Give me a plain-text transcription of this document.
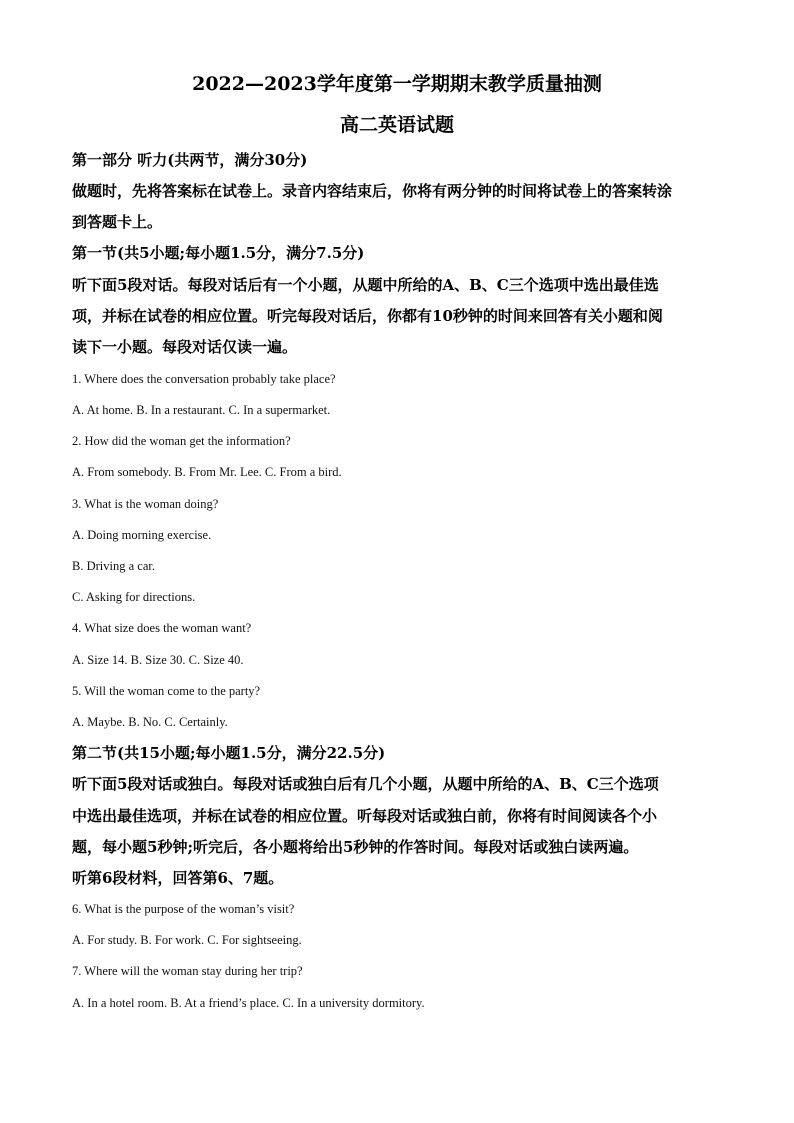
2022—2023学年度第一学期期末教学质量抽测
高二英语试题
第一部分 听力(共两节，满分30分)
做题时，先将答案标在试卷上。录音内容结束后，你将有两分钟的时间将试卷上的答案转涂
到答题卡上。
第一节(共5小题;每小题1.5分，满分7.5分)
听下面5段对话。每段对话后有一个小题，从题中所给的A、B、C三个选项中选出最佳选
项，并标在试卷的相应位置。听完每段对话后，你都有10秒钟的时间来回答有关小题和阅
读下一小题。每段对话仅读一遍。
1. Where does the conversation probably take place?
A. At home. B. In a restaurant. C. In a supermarket.
2. How did the woman get the information?
A. From somebody. B. From Mr. Lee. C. From a bird.
3. What is the woman doing?
A. Doing morning exercise.
B. Driving a car.
C. Asking for directions.
4. What size does the woman want?
A. Size 14. B. Size 30. C. Size 40.
5. Will the woman come to the party?
A. Maybe. B. No. C. Certainly.
第二节(共15小题;每小题1.5分，满分22.5分)
听下面5段对话或独白。每段对话或独白后有几个小题，从题中所给的A、B、C三个选项
中选出最佳选项，并标在试卷的相应位置。听每段对话或独白前，你将有时间阅读各个小
题，每小题5秒钟;听完后，各小题将给出5秒钟的作答时间。每段对话或独白读两遍。
听第6段材料，回答第6、7题。
6. What is the purpose of the woman’s visit?
A. For study. B. For work. C. For sightseeing.
7. Where will the woman stay during her trip?
A. In a hotel room. B. At a friend’s place. C. In a university dormitory.
